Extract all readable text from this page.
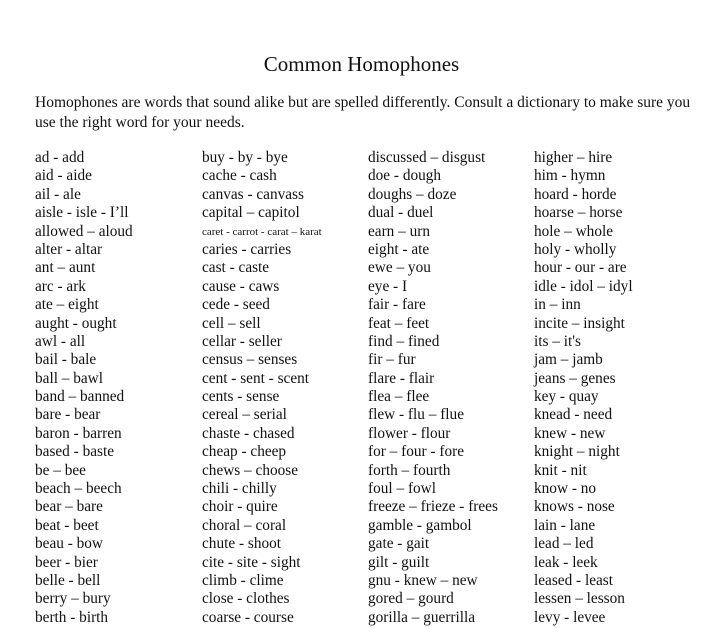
Common Homophones
Homophones are words that sound alike but are spelled differently. Consult a dictionary to make sure you use the right word for your needs.
ad - add
aid - aide
ail - ale
aisle - isle - I’ll
allowed – aloud
alter - altar
ant – aunt
arc - ark
ate – eight
aught - ought
awl - all
bail - bale
ball – bawl
band – banned
bare - bear
baron - barren
based - baste
be – bee
beach – beech
bear – bare
beat - beet
beau - bow
beer - bier
belle - bell
berry – bury
berth - birth
buy - by - bye
cache - cash
canvas - canvass
capital – capitol
caret - carrot - carat – karat
caries - carries
cast - caste
cause - caws
cede - seed
cell – sell
cellar - seller
census – senses
cent - sent - scent
cents - sense
cereal – serial
chaste - chased
cheap - cheep
chews – choose
chili - chilly
choir - quire
choral – coral
chute - shoot
cite - site - sight
climb - clime
close - clothes
coarse - course
discussed – disgust
doe - dough
doughs – doze
dual - duel
earn – urn
eight - ate
ewe – you
eye - I
fair - fare
feat – feet
find – fined
fir – fur
flare - flair
flea – flee
flew - flu – flue
flower - flour
for – four - fore
forth – fourth
foul – fowl
freeze – frieze - frees
gamble - gambol
gate - gait
gilt - guilt
gnu - knew – new
gored – gourd
gorilla – guerrilla
higher – hire
him - hymn
hoard - horde
hoarse – horse
hole – whole
holy - wholly
hour - our - are
idle - idol – idyl
in – inn
incite – insight
its – it's
jam – jamb
jeans – genes
key - quay
knead - need
knew - new
knight – night
knit - nit
know - no
knows - nose
lain - lane
lead – led
leak - leek
leased - least
lessen – lesson
levy - levee
